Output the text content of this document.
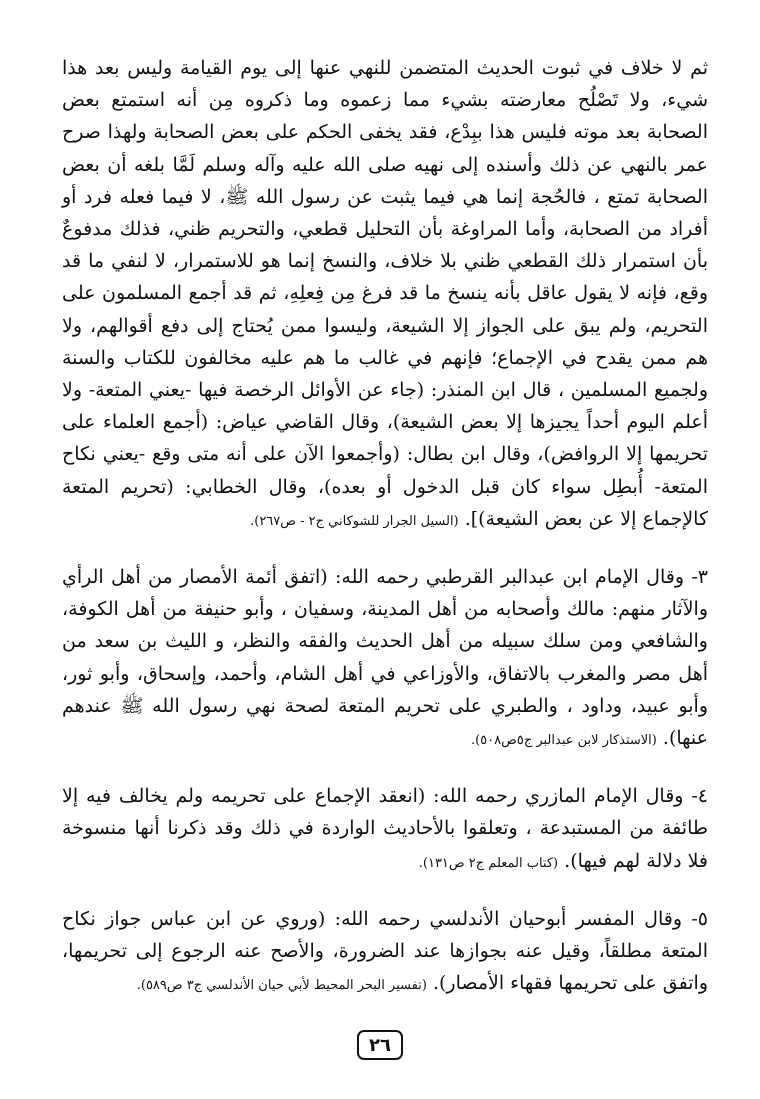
ثم لا خلاف في ثبوت الحديث المتضمن للنهي عنها إلى يوم القيامة وليس بعد هذا شيء، ولا تَصْلُح معارضته بشيء مما زعموه وما ذكروه مِن أنه استمتع بعض الصحابة بعد موته فليس هذا ببِدْع، فقد يخفى الحكم على بعض الصحابة ولهذا صرح عمر بالنهي عن ذلك وأسنده إلى نهيه صلى الله عليه وآله وسلم لَمَّا بلغه أن بعض الصحابة تمتع ، فالحُجة إنما هي فيما يثبت عن رسول الله ﷺ، لا فيما فعله فرد أو أفراد من الصحابة، وأما المراوغة بأن التحليل قطعي، والتحريم ظني، فذلك مدفوعٌ بأن استمرار ذلك القطعي ظني بلا خلاف، والنسخ إنما هو للاستمرار، لا لنفي ما قد وقع، فإنه لا يقول عاقل بأنه ينسخ ما قد فرغ مِن فِعلِهِ، ثم قد أجمع المسلمون على التحريم، ولم يبق على الجواز إلا الشيعة، وليسوا ممن يُحتاج إلى دفع أقوالهم، ولا هم ممن يقدح في الإجماع؛ فإنهم في غالب ما هم عليه مخالفون للكتاب والسنة ولجميع المسلمين ، قال ابن المنذر: (جاء عن الأوائل الرخصة فيها -يعني المتعة- ولا أعلم اليوم أحداً يجيزها إلا بعض الشيعة)، وقال القاضي عياض: (أجمع العلماء على تحريمها إلا الروافض)، وقال ابن بطال: (وأجمعوا الآن على أنه متى وقع -يعني نكاح المتعة- أُبطِل سواء كان قبل الدخول أو بعده)، وقال الخطابي: (تحريم المتعة كالإجماع إلا عن بعض الشيعة)]. (السيل الجرار للشوكاني ج٢ - ص٢٦٧).

٣- وقال الإمام ابن عبدالبر القرطبي رحمه الله: (اتفق أئمة الأمصار من أهل الرأي والآثار منهم: مالك وأصحابه من أهل المدينة، وسفيان ، وأبو حنيفة من أهل الكوفة، والشافعي ومن سلك سبيله من أهل الحديث والفقه والنظر، و الليث بن سعد من أهل مصر والمغرب بالاتفاق، والأوزاعي في أهل الشام، وأحمد، وإسحاق، وأبو ثور، وأبو عبيد، وداود ، والطبري على تحريم المتعة لصحة نهي رسول الله ﷺ عندهم عنها). (الاستذكار لابن عبدالبر ج٥ص٥٠٨).

٤- وقال الإمام المازري رحمه الله: (انعقد الإجماع على تحريمه ولم يخالف فيه إلا طائفة من المستبدعة ، وتعلقوا بالأحاديث الواردة في ذلك وقد ذكرنا أنها منسوخة فلا دلالة لهم فيها). (كتاب المعلم ج٢ ص١٣١).

٥- وقال المفسر أبوحيان الأندلسي رحمه الله: (وروي عن ابن عباس جواز نكاح المتعة مطلقاً، وقيل عنه بجوازها عند الضرورة، والأصح عنه الرجوع إلى تحريمها، واتفق على تحريمها فقهاء الأمصار). (تفسير البحر المحيط لأبي حيان الأندلسي ج٣ ص٥٨٩).

٢٦
